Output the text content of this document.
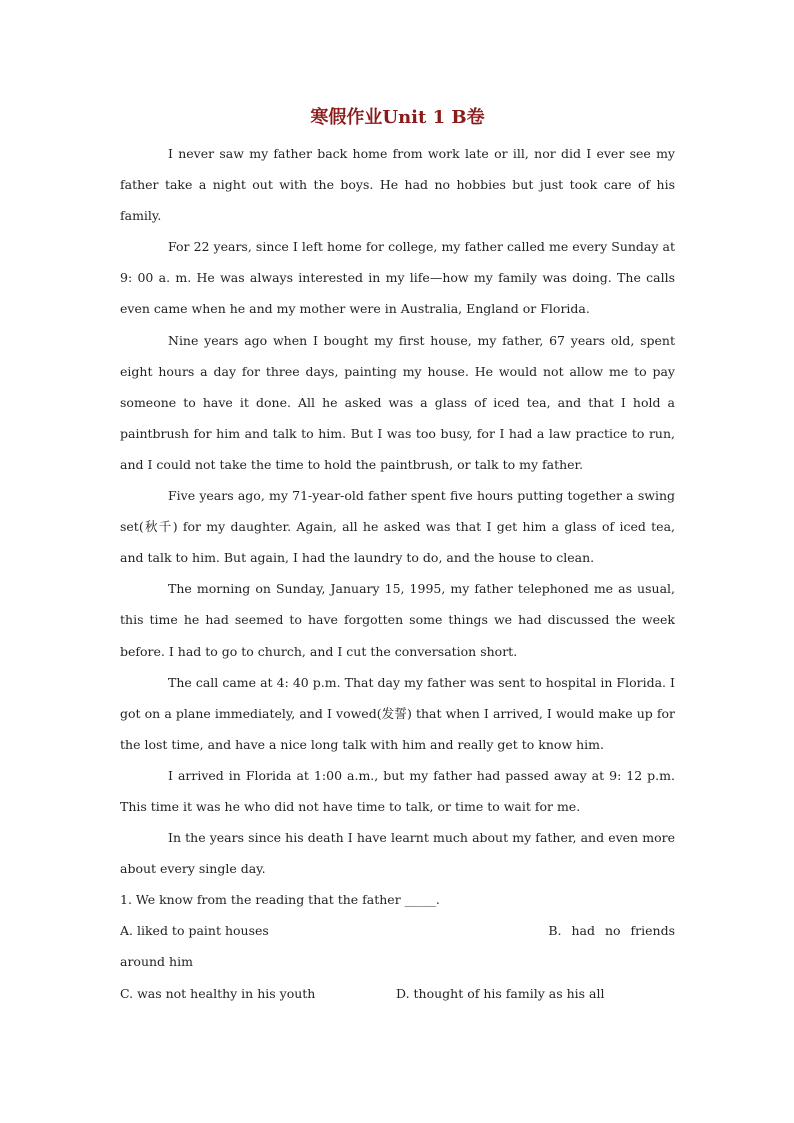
寒假作业Unit 1 B卷

I never saw my father back home from work late or ill, nor did I ever see my father take a night out with the boys. He had no hobbies but just took care of his family.

For 22 years, since I left home for college, my father called me every Sunday at 9: 00 a. m. He was always interested in my life—how my family was doing. The calls even came when he and my mother were in Australia, England or Florida.

Nine years ago when I bought my first house, my father, 67 years old, spent eight hours a day for three days, painting my house. He would not allow me to pay someone to have it done. All he asked was a glass of iced tea, and that I hold a paintbrush for him and talk to him. But I was too busy, for I had a law practice to run, and I could not take the time to hold the paintbrush, or talk to my father.

Five years ago, my 71-year-old father spent five hours putting together a swing set(秋千) for my daughter. Again, all he asked was that I get him a glass of iced tea, and talk to him. But again, I had the laundry to do, and the house to clean.

The morning on Sunday, January 15, 1995, my father telephoned me as usual, this time he had seemed to have forgotten some things we had discussed the week before. I had to go to church, and I cut the conversation short.

The call came at 4: 40 p.m. That day my father was sent to hospital in Florida. I got on a plane immediately, and I vowed(发誓) that when I arrived, I would make up for the lost time, and have a nice long talk with him and really get to know him.

I arrived in Florida at 1:00 a.m., but my father had passed away at 9: 12 p.m. This time it was he who did not have time to talk, or time to wait for me.

In the years since his death I have learnt much about my father, and even more about every single day.

1. We know from the reading that the father _____.
A. liked to paint houses	B. had no friends
around him
C. was not healthy in his youth	D. thought of his family as his all
